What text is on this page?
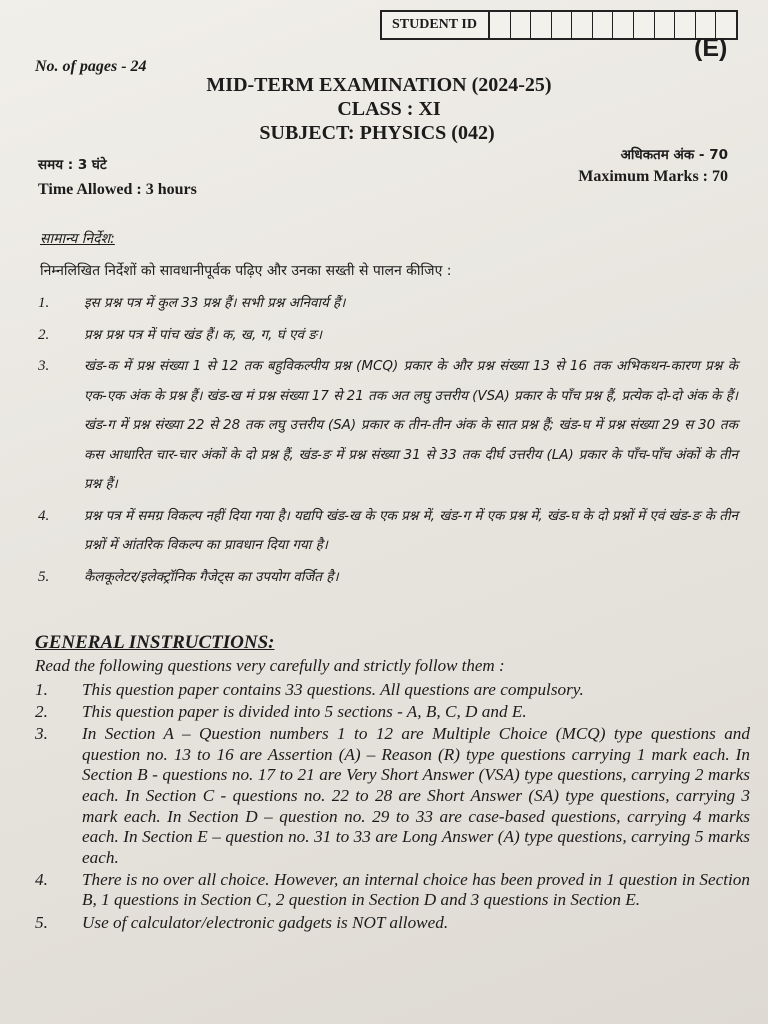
STUDENT ID
(E)
No. of pages - 24
MID-TERM EXAMINATION (2024-25)
CLASS : XI
SUBJECT: PHYSICS (042)
समय : 3 घंटे
Time Allowed : 3 hours
अधिकतम अंक - 70
Maximum Marks : 70
सामान्य निर्देश:
निम्नलिखित निर्देशों को सावधानीपूर्वक पढ़िए और उनका सख्ती से पालन कीजिए :
1.	इस प्रश्न पत्र में कुल 33 प्रश्न हैं। सभी प्रश्न अनिवार्य हैं।
2.	प्रश्न प्रश्न पत्र में पांच खंड हैं। क, ख, ग, घं एवं ङ।
3.	खंड-क में प्रश्न संख्या 1 से 12 तक बहुविकल्पीय प्रश्न (MCQ) प्रकार के और प्रश्न संख्या 13 से 16 तक अभिकथन-कारण प्रश्न के एक-एक अंक के प्रश्न हैं। खंड-ख मं प्रश्न संख्या 17 से 21 तक अत लघु उत्तरीय (VSA) प्रकार के पाँच प्रश्न हैं, प्रत्येक दो-दो अंक के हैं। खंड-ग में प्रश्न संख्या 22 से 28 तक लघु उत्तरीय (SA) प्रकार क तीन-तीन अंक के सात प्रश्न हैं; खंड-घ में प्रश्न संख्या 29 स 30 तक कस आधारित चार-चार अंकों के दो प्रश्न हैं, खंड-ङ में प्रश्न संख्या 31 से 33 तक दीर्घ उत्तरीय (LA) प्रकार के पाँच-पाँच अंकों के तीन प्रश्न हैं।
4.	प्रश्न पत्र में समग्र विकल्प नहीं दिया गया है। यद्यपि खंड-ख के एक प्रश्न में, खंड-ग में एक प्रश्न में, खंड-घ के दो प्रश्नों में एवं खंड-ङ के तीन प्रश्नों में आंतरिक विकल्प का प्रावधान दिया गया है।
5.	कैलकूलेटर/इलेक्ट्रॉनिक गैजेट्स का उपयोग वर्जित है।
GENERAL INSTRUCTIONS:
Read the following questions very carefully and strictly follow them :
1.	This question paper contains 33 questions. All questions are compulsory.
2.	This question paper is divided into 5 sections - A, B, C, D and E.
3.	In Section A – Question numbers 1 to 12 are Multiple Choice (MCQ) type questions and question no. 13 to 16 are Assertion (A) – Reason (R) type questions carrying 1 mark each. In Section B - questions no. 17 to 21 are Very Short Answer (VSA) type questions, carrying 2 marks each. In Section C - questions no. 22 to 28 are Short Answer (SA) type questions, carrying 3 mark each. In Section D – question no. 29 to 33 are case-based questions, carrying 4 marks each. In Section E – question no. 31 to 33 are Long Answer (A) type questions, carrying 5 marks each.
4.	There is no over all choice. However, an internal choice has been proved in 1 question in Section B, 1 questions in Section C, 2 question in Section D and 3 questions in Section E.
5.	Use of calculator/electronic gadgets is NOT allowed.
